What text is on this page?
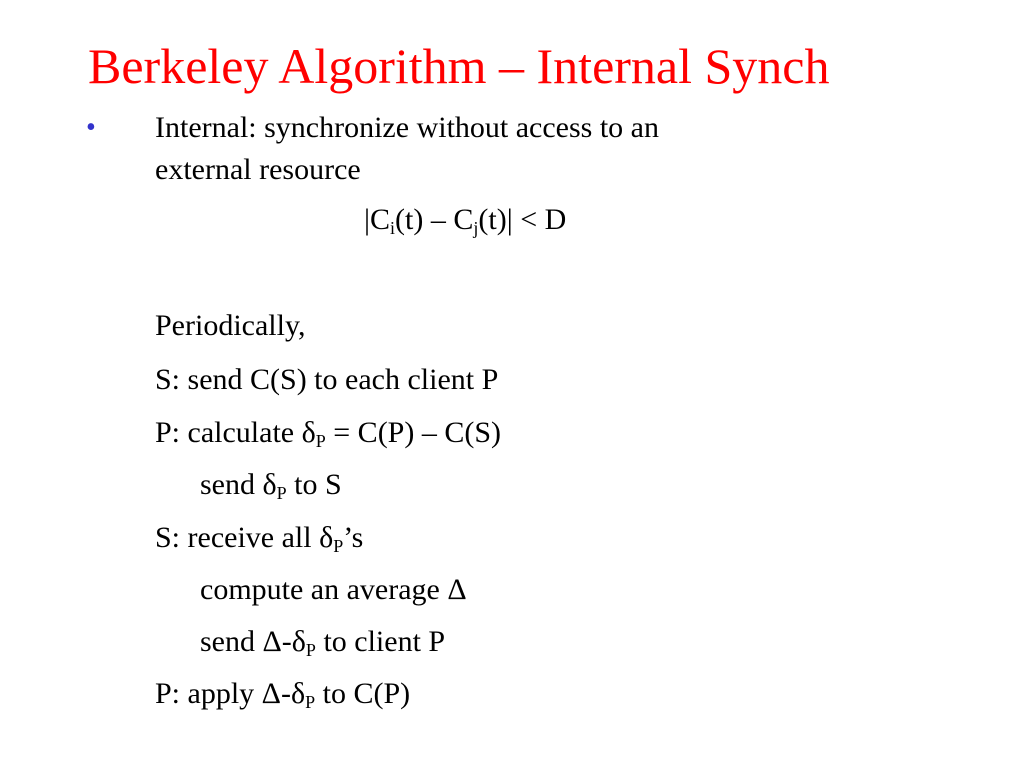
Berkeley Algorithm – Internal Synch
• Internal: synchronize without access to an
external resource
$|C_i(t) - C_j(t)| < D$
Periodically,
S: send C(S) to each client P
P: calculate $\delta_P = C(P) - C(S)$
send $\delta_P$ to S
S: receive all $\delta_P’s$
compute an average Δ
send $\Delta-\delta_P$ to client P
P: apply $\Delta-\delta_P$ to C(P)
